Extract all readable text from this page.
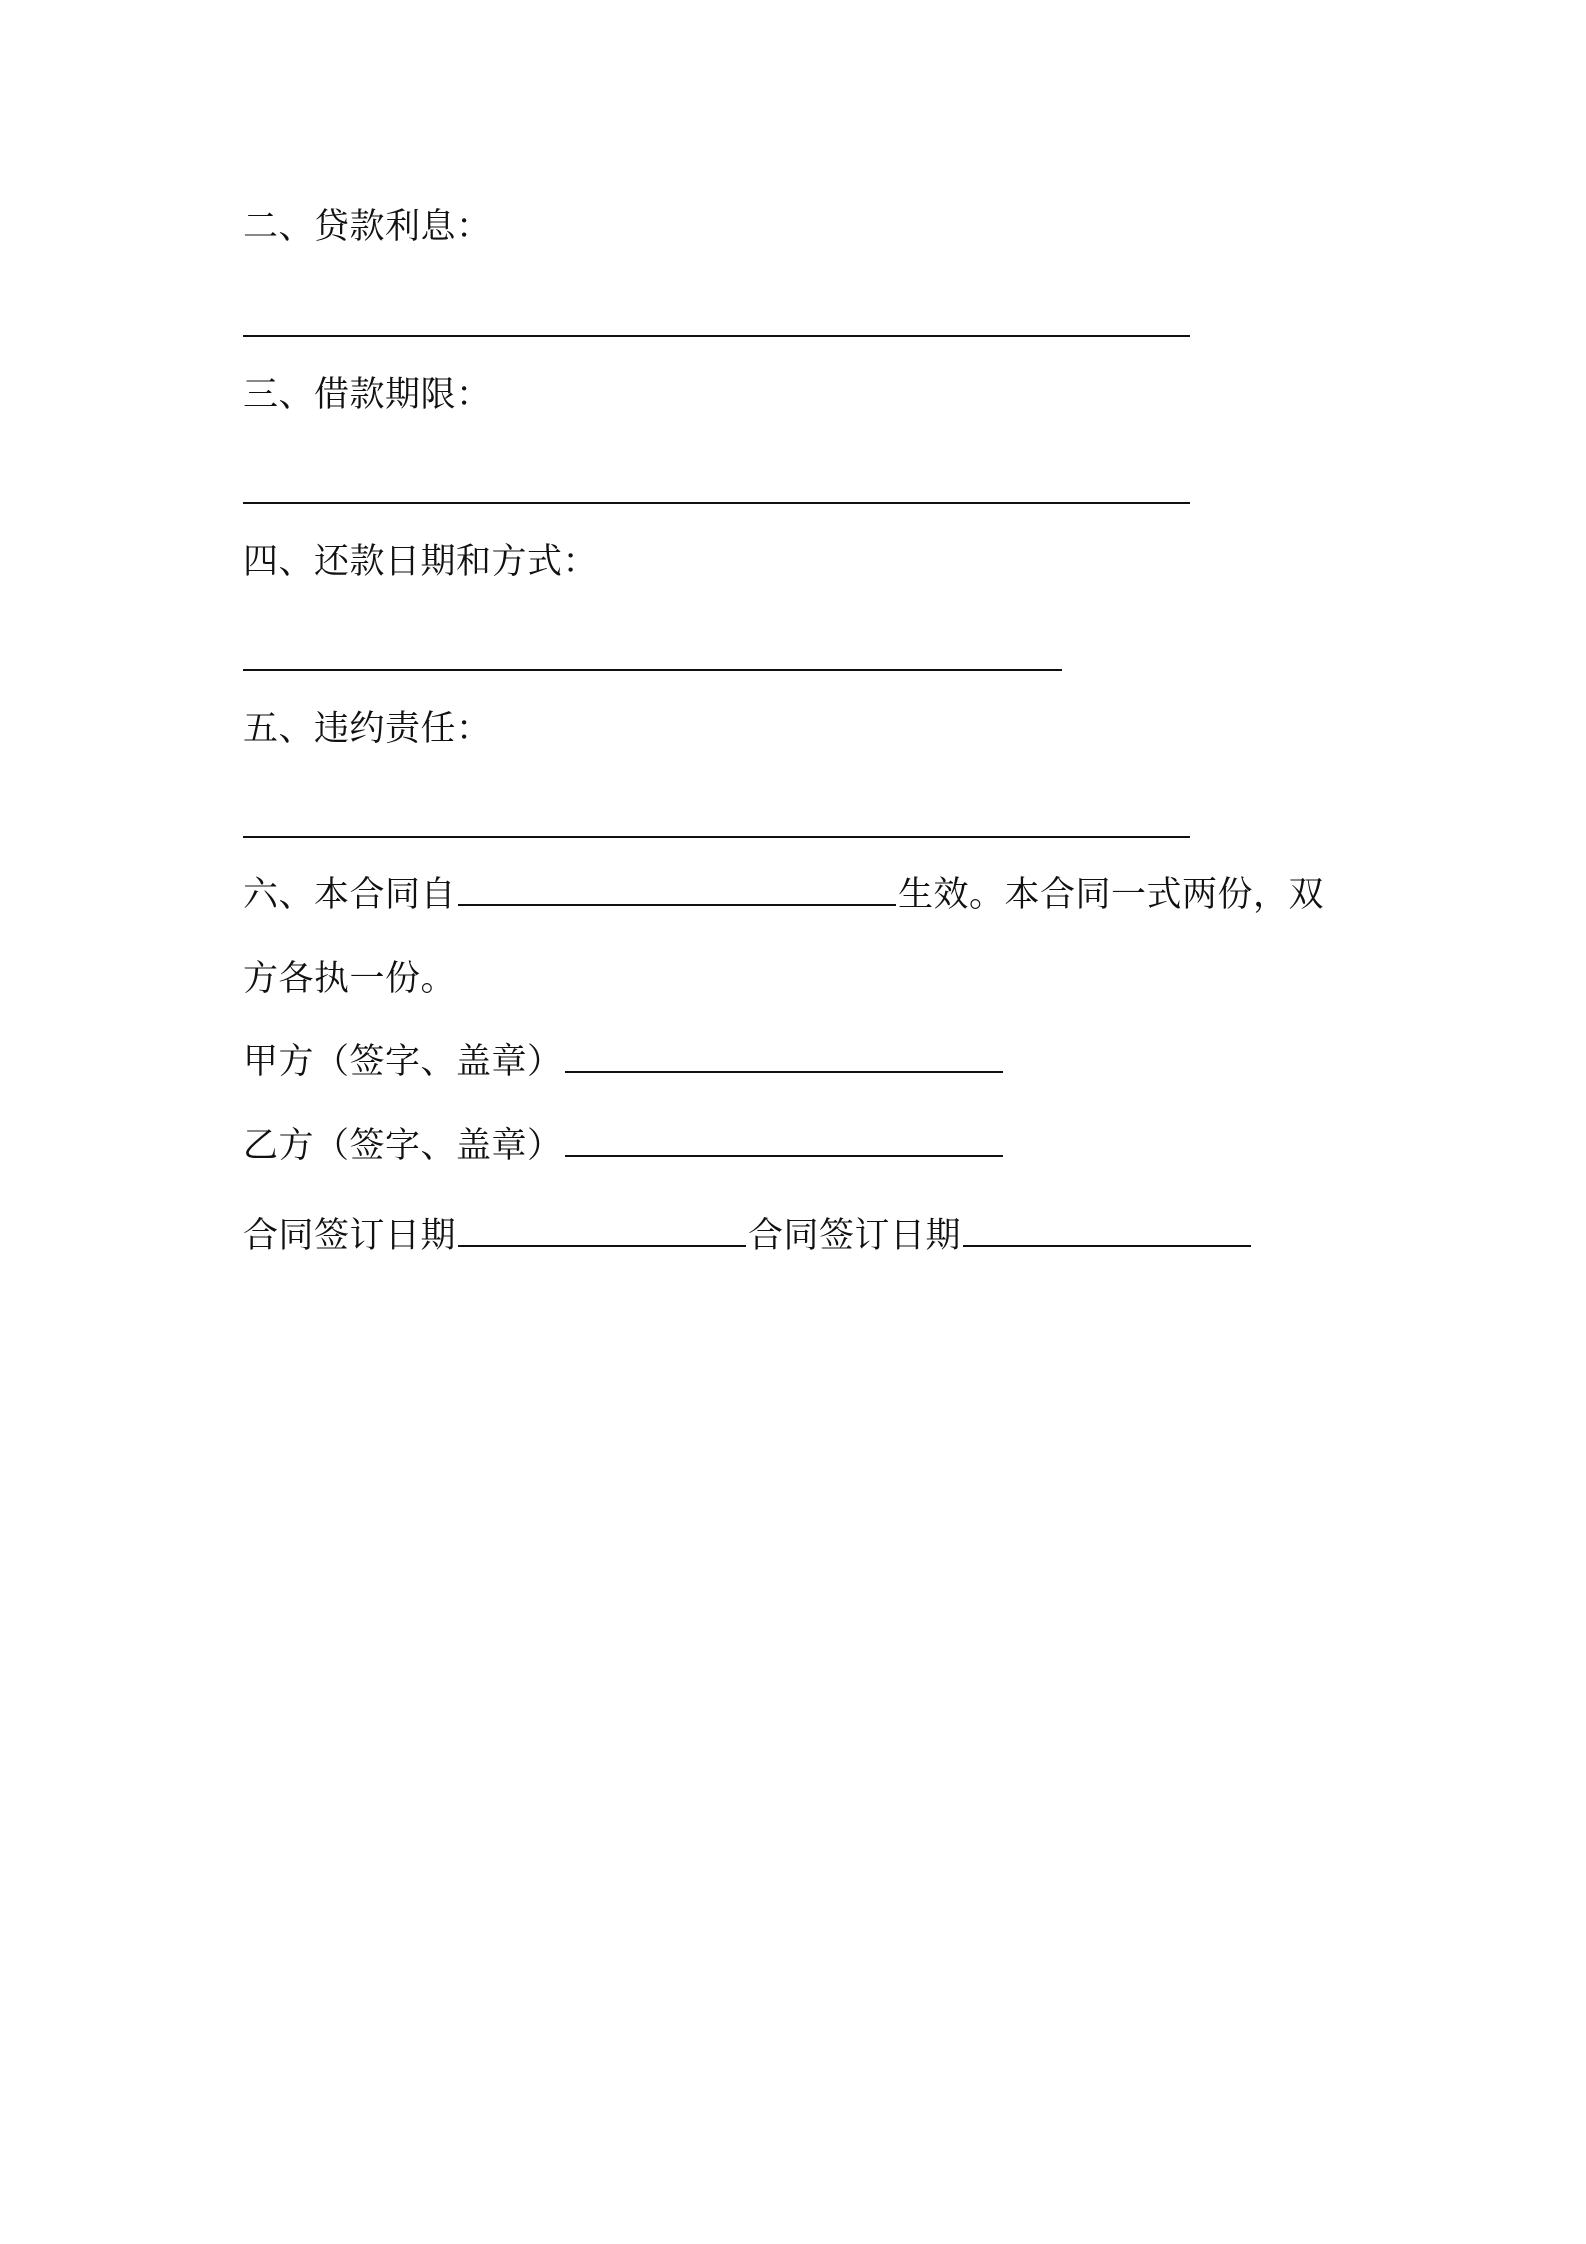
二、贷款利息：
三、借款期限：
四、还款日期和方式：
五、违约责任：
六、本合同自	生效。本合同一式两份，双
方各执一份。
甲方（签字、盖章）
乙方（签字、盖章）
合同签订日期	合同签订日期
